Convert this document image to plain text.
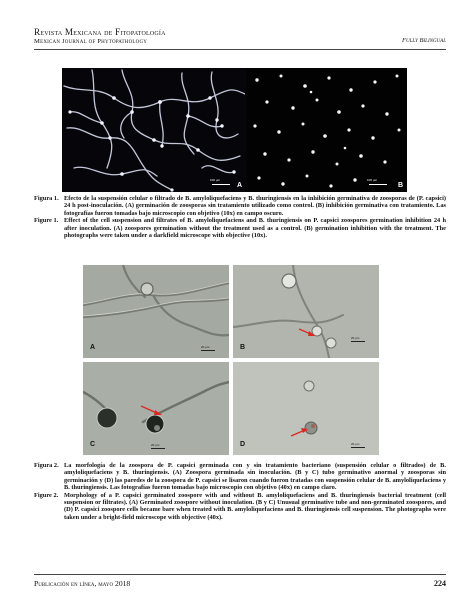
Revista Mexicana de Fitopatología
Mexican Journal of Phytopathology	Fully Bilingual
100 μm
A
100 μm
B
Figura 1. Efecto de la suspensión celular o filtrado de B. amyloliquefaciens y B. thuringiensis en la inhibición germinativa de zoosporas de (P. capsici) 24 h post-inoculación. (A) germinación de zoosporas sin tratamiento utilizado como control. (B) inhibición germinativa con tratamiento. Las fotografías fueron tomadas bajo microscopio con objetivo (10x) en campo oscuro.
Figure 1. Effect of the cell suspension and filtrates of B. amyloliquefaciens and B. thuringiensis on P. capsici zoospores germination inhibition 24 h after inoculation. (A) zoospores germination without the treatment used as a control. (B) germination inhibition with the treatment. The photographs were taken under a darkfield microscope with objective (10x).
20 μm
A
20 μm
B
20 μm
C	20 μm
D
Figura 2. La morfología de la zoospora de P. capsici germinada con y sin tratamiento bacteriano (suspensión celular o filtrados) de B. amyloliquefaciens y B. thuringiensis. (A) Zoospora germinada sin inoculación. (B y C) tubo germinativo anormal y zoosporas sin germinación y (D) las paredes de la zoospora de P. capsici se lisaron cuando fueron tratadas con suspensión celular de B. amyloliquefaciens y B. thuringiensis. Las fotografías fueron tomadas bajo microscopio con objetivo (40x) en campo claro.
Figure 2. Morphology of a P. capsici germinated zoospore with and without B. amyloliquefaciens and B. thuringiensis bacterial treatment (cell suspension or filtrates). (A) Germinated zoospore without inoculation. (B y C) Unusual germinative tube and non-germinated zoospores, and (D) P. capsici zoospore cells became bare when treated with B. amyloliquefaciens and B. thuringiensis cell suspension. The photographs were taken under a bright-field microscope with objective (40x).
Publicación en línea, mayo 2018	224
